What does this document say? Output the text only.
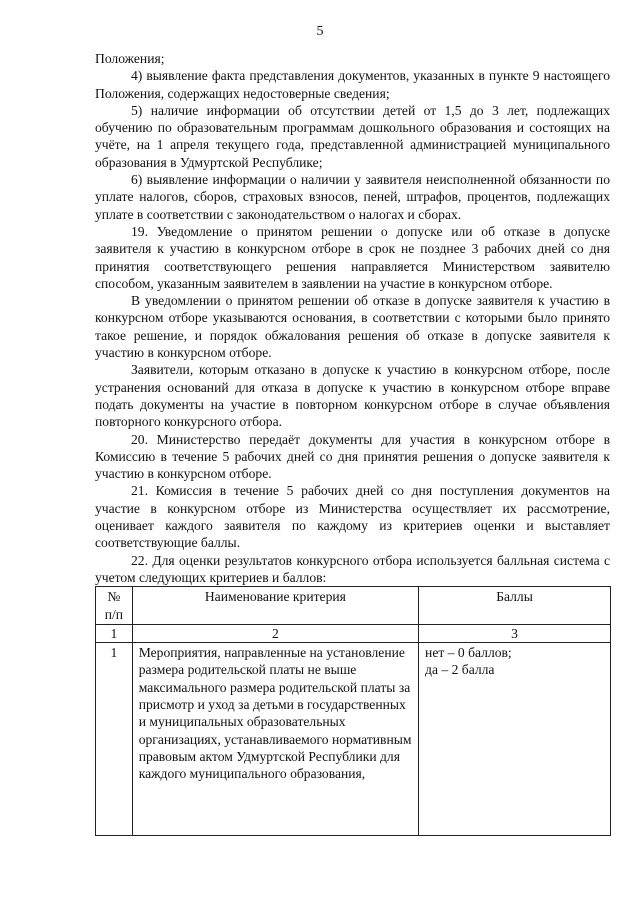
5

Положения;

4) выявление факта представления документов, указанных в пункте 9 настоящего Положения, содержащих недостоверные сведения;

5) наличие информации об отсутствии детей от 1,5 до 3 лет, подлежащих обучению по образовательным программам дошкольного образования и состоящих на учёте, на 1 апреля текущего года, представленной администрацией муниципального образования в Удмуртской Республике;

6) выявление информации о наличии у заявителя неисполненной обязанности по уплате налогов, сборов, страховых взносов, пеней, штрафов, процентов, подлежащих уплате в соответствии с законодательством о налогах и сборах.

19. Уведомление о принятом решении о допуске или об отказе в допуске заявителя к участию в конкурсном отборе в срок не позднее 3 рабочих дней со дня принятия соответствующего решения направляется Министерством заявителю способом, указанным заявителем в заявлении на участие в конкурсном отборе.

В уведомлении о принятом решении об отказе в допуске заявителя к участию в конкурсном отборе указываются основания, в соответствии с которыми было принято такое решение, и порядок обжалования решения об отказе в допуске заявителя к участию в конкурсном отборе.

Заявители, которым отказано в допуске к участию в конкурсном отборе, после устранения оснований для отказа в допуске к участию в конкурсном отборе вправе подать документы на участие в повторном конкурсном отборе в случае объявления повторного конкурсного отбора.

20. Министерство передаёт документы для участия в конкурсном отборе в Комиссию в течение 5 рабочих дней со дня принятия решения о допуске заявителя к участию в конкурсном отборе.

21. Комиссия в течение 5 рабочих дней со дня поступления документов на участие в конкурсном отборе из Министерства осуществляет их рассмотрение, оценивает каждого заявителя по каждому из критериев оценки и выставляет соответствующие баллы.

22. Для оценки результатов конкурсного отбора используется балльная система с учетом следующих критериев и баллов:

№ п/п	Наименование критерия	Баллы
1	2	3
1	Мероприятия, направленные на установление размера родительской платы не выше максимального размера родительской платы за присмотр и уход за детьми в государственных и муниципальных образовательных организациях, устанавливаемого нормативным правовым актом Удмуртской Республики для каждого муниципального образования,	нет – 0 баллов;
да – 2 балла
